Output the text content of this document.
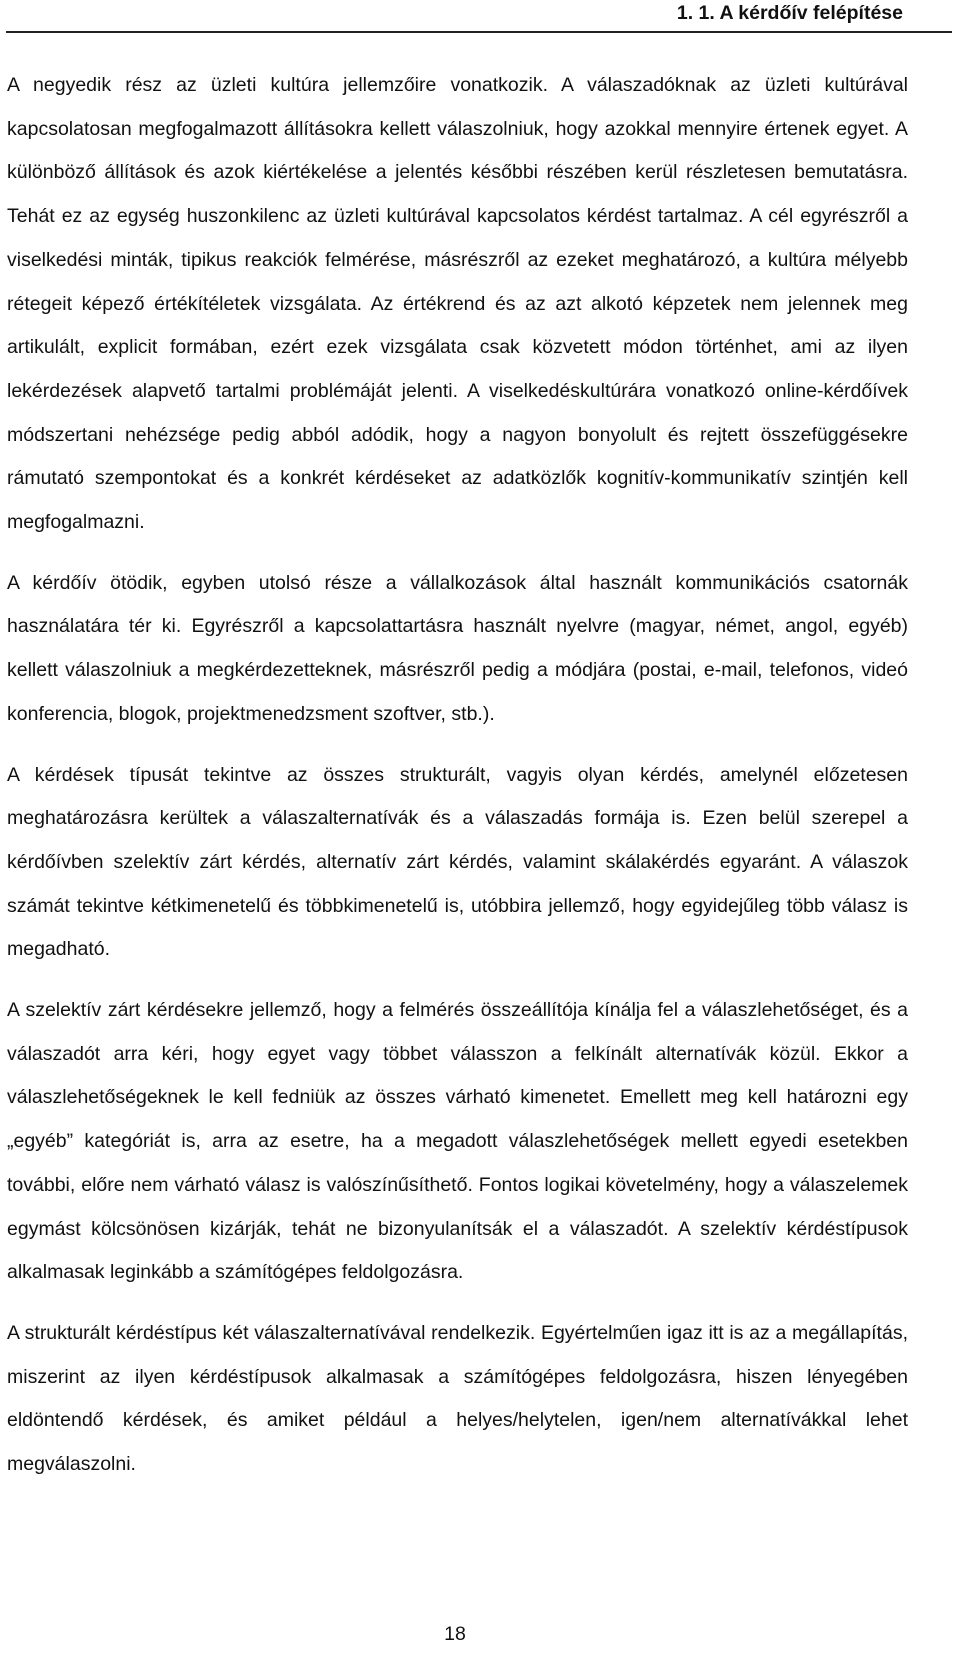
1. 1. A kérdőív felépítése

A negyedik rész az üzleti kultúra jellemzőire vonatkozik. A válaszadóknak az üzleti kultúrával kapcsolatosan megfogalmazott állításokra kellett válaszolniuk, hogy azokkal mennyire értenek egyet. A különböző állítások és azok kiértékelése a jelentés későbbi részében kerül részletesen bemutatásra. Tehát ez az egység huszonkilenc az üzleti kultúrával kapcsolatos kérdést tartalmaz. A cél egyrészről a viselkedési minták, tipikus reakciók felmérése, másrészről az ezeket meghatározó, a kultúra mélyebb rétegeit képező értékítéletek vizsgálata. Az értékrend és az azt alkotó képzetek nem jelennek meg artikulált, explicit formában, ezért ezek vizsgálata csak közvetett módon történhet, ami az ilyen lekérdezések alapvető tartalmi problémáját jelenti. A viselkedéskultúrára vonatkozó online-kérdőívek módszertani nehézsége pedig abból adódik, hogy a nagyon bonyolult és rejtett összefüggésekre rámutató szempontokat és a konkrét kérdéseket az adatközlők kognitív-kommunikatív szintjén kell megfogalmazni.

A kérdőív ötödik, egyben utolsó része a vállalkozások által használt kommunikációs csatornák használatára tér ki. Egyrészről a kapcsolattartásra használt nyelvre (magyar, német, angol, egyéb) kellett válaszolniuk a megkérdezetteknek, másrészről pedig a módjára (postai, e-mail, telefonos, videó konferencia, blogok, projektmenedzsment szoftver, stb.).

A kérdések típusát tekintve az összes strukturált, vagyis olyan kérdés, amelynél előzetesen meghatározásra kerültek a válaszalternatívák és a válaszadás formája is. Ezen belül szerepel a kérdőívben szelektív zárt kérdés, alternatív zárt kérdés, valamint skálakérdés egyaránt. A válaszok számát tekintve kétkimenetelű és többkimenetelű is, utóbbira jellemző, hogy egyidejűleg több válasz is megadható.

A szelektív zárt kérdésekre jellemző, hogy a felmérés összeállítója kínálja fel a válaszlehetőséget, és a válaszadót arra kéri, hogy egyet vagy többet válasszon a felkínált alternatívák közül. Ekkor a válaszlehetőségeknek le kell fedniük az összes várható kimenetet. Emellett meg kell határozni egy „egyéb” kategóriát is, arra az esetre, ha a megadott válaszlehetőségek mellett egyedi esetekben további, előre nem várható válasz is valószínűsíthető. Fontos logikai követelmény, hogy a válaszelemek egymást kölcsönösen kizárják, tehát ne bizonyulanítsák el a válaszadót. A szelektív kérdéstípusok alkalmasak leginkább a számítógépes feldolgozásra.

A strukturált kérdéstípus két válaszalternatívával rendelkezik. Egyértelműen igaz itt is az a megállapítás, miszerint az ilyen kérdéstípusok alkalmasak a számítógépes feldolgozásra, hiszen lényegében eldöntendő kérdések, és amiket például a helyes/helytelen, igen/nem alternatívákkal lehet megválaszolni.

18
